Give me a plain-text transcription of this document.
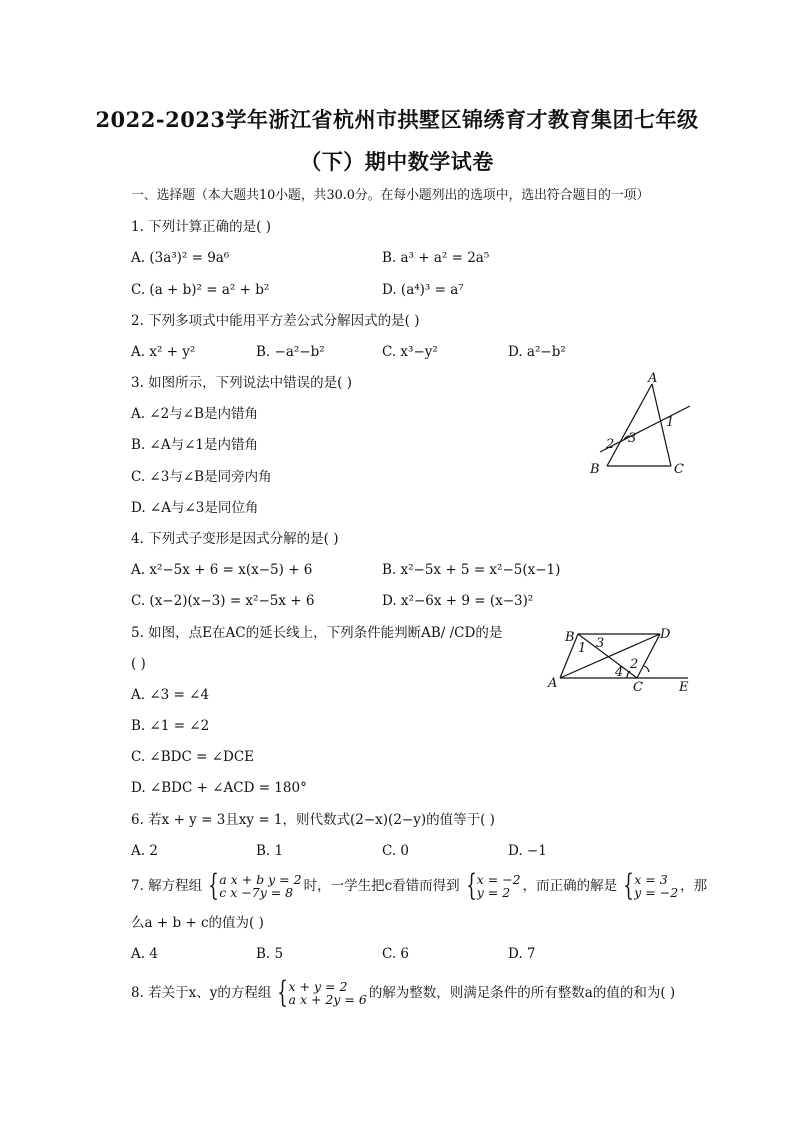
2022-2023学年浙江省杭州市拱墅区锦绣育才教育集团七年级
（下）期中数学试卷
一、选择题（本大题共10小题，共30.0分。在每小题列出的选项中，选出符合题目的一项）
1. 下列计算正确的是( )
A. (3a³)² = 9a⁶	B. a³ + a² = 2a⁵
C. (a + b)² = a² + b²	D. (a⁴)³ = a⁷
2. 下列多项式中能用平方差公式分解因式的是( )
A. x² + y²	B. −a²−b²	C. x³−y²	D. a²−b²
3. 如图所示，下列说法中错误的是( )
A. ∠2与∠B是内错角
B. ∠A与∠1是内错角
C. ∠3与∠B是同旁内角
D. ∠A与∠3是同位角
A
B	C
1
2 3
4. 下列式子变形是因式分解的是( )
A. x²−5x + 6 = x(x−5) + 6	B. x²−5x + 5 = x²−5(x−1)
C. (x−2)(x−3) = x²−5x + 6	D. x²−6x + 9 = (x−3)²
5. 如图，点E在AC的延长线上，下列条件能判断AB/ /CD的是
( )
A. ∠3 = ∠4
B. ∠1 = ∠2
C. ∠BDC = ∠DCE
D. ∠BDC + ∠ACD = 180°
B	D
A	C	E
1 3
2
4
6. 若x + y = 3且xy = 1，则代数式(2−x)(2−y)的值等于( )
A. 2	B. 1	C. 0	D. −1
7. 解方程组 { a x + b y = 2
c x −7y = 8 时，一学生把c看错而得到 { x = −2
y = 2 ，而正确的解是 { x = 3
y = −2 ，那
么a + b + c的值为( )
A. 4	B. 5	C. 6	D. 7
8. 若关于x、y的方程组 { x + y = 2
a x + 2y = 6 的解为整数，则满足条件的所有整数a的值的和为( )
